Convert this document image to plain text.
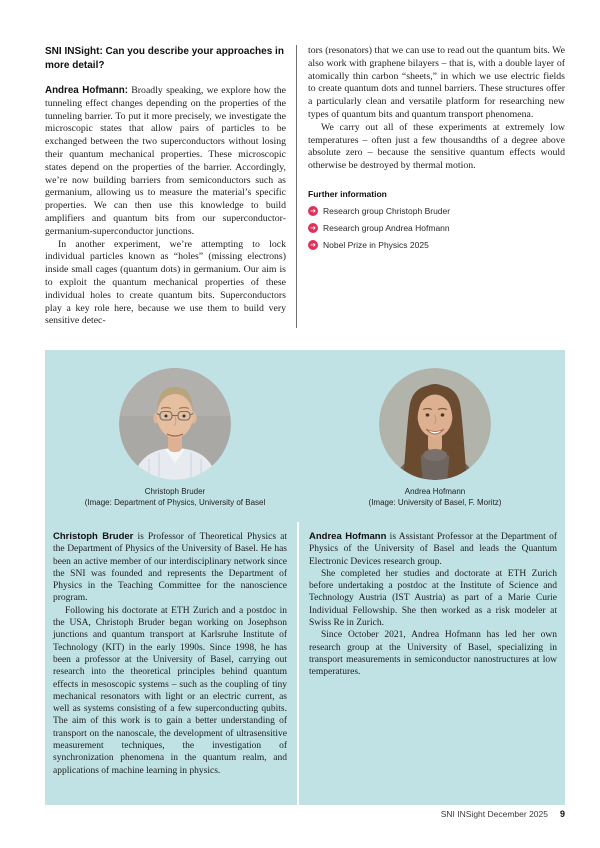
SNI INSight: Can you describe your approaches in more detail?

Andrea Hofmann: Broadly speaking, we explore how the tunneling effect changes depending on the properties of the tunneling barrier. To put it more precisely, we investigate the microscopic states that allow pairs of particles to be exchanged between the two superconductors without losing their quantum mechanical properties. These microscopic states depend on the properties of the barrier. Accordingly, we’re now building barriers from semiconductors such as germanium, allowing us to measure the material’s specific properties. We can then use this knowledge to build amplifiers and quantum bits from our superconductor-germanium-superconductor junctions.

In another experiment, we’re attempting to lock individual particles known as “holes” (missing electrons) inside small cages (quantum dots) in germanium. Our aim is to exploit the quantum mechanical properties of these individual holes to create quantum bits. Superconductors play a key role here, because we use them to build very sensitive detec-

tors (resonators) that we can use to read out the quantum bits. We also work with graphene bilayers – that is, with a double layer of atomically thin carbon “sheets,” in which we use electric fields to create quantum dots and tunnel barriers. These structures offer a particularly clean and versatile platform for researching new types of quantum bits and quantum transport phenomena.

We carry out all of these experiments at extremely low temperatures – often just a few thousandths of a degree above absolute zero – because the sensitive quantum effects would otherwise be destroyed by thermal motion.

Further information
➔ Research group Christoph Bruder
➔ Research group Andrea Hofmann
➔ Nobel Prize in Physics 2025
Christoph Bruder
(Image: Department of Physics, University of Basel
Andrea Hofmann
(Image: University of Basel, F. Moritz)

Christoph Bruder is Professor of Theoretical Physics at the Department of Physics of the University of Basel. He has been an active member of our interdisciplinary network since the SNI was founded and represents the Department of Physics in the Teaching Committee for the nanoscience program.

Following his doctorate at ETH Zurich and a postdoc in the USA, Christoph Bruder began working on Josephson junctions and quantum transport at Karlsruhe Institute of Technology (KIT) in the early 1990s. Since 1998, he has been a professor at the University of Basel, carrying out research into the theoretical principles behind quantum effects in mesoscopic systems – such as the coupling of tiny mechanical resonators with light or an electric current, as well as systems consisting of a few superconducting qubits. The aim of this work is to gain a better understanding of transport on the nanoscale, the development of ultrasensitive measurement techniques, the investigation of synchronization phenomena in the quantum realm, and applications of machine learning in physics.

Andrea Hofmann is Assistant Professor at the Department of Physics of the University of Basel and leads the Quantum Electronic Devices research group.

She completed her studies and doctorate at ETH Zurich before undertaking a postdoc at the Institute of Science and Technology Austria (IST Austria) as part of a Marie Curie Individual Fellowship. She then worked as a risk modeler at Swiss Re in Zurich.

Since October 2021, Andrea Hofmann has led her own research group at the University of Basel, specializing in transport measurements in semiconductor nanostructures at low temperatures.

SNI INSight December 2025 9
